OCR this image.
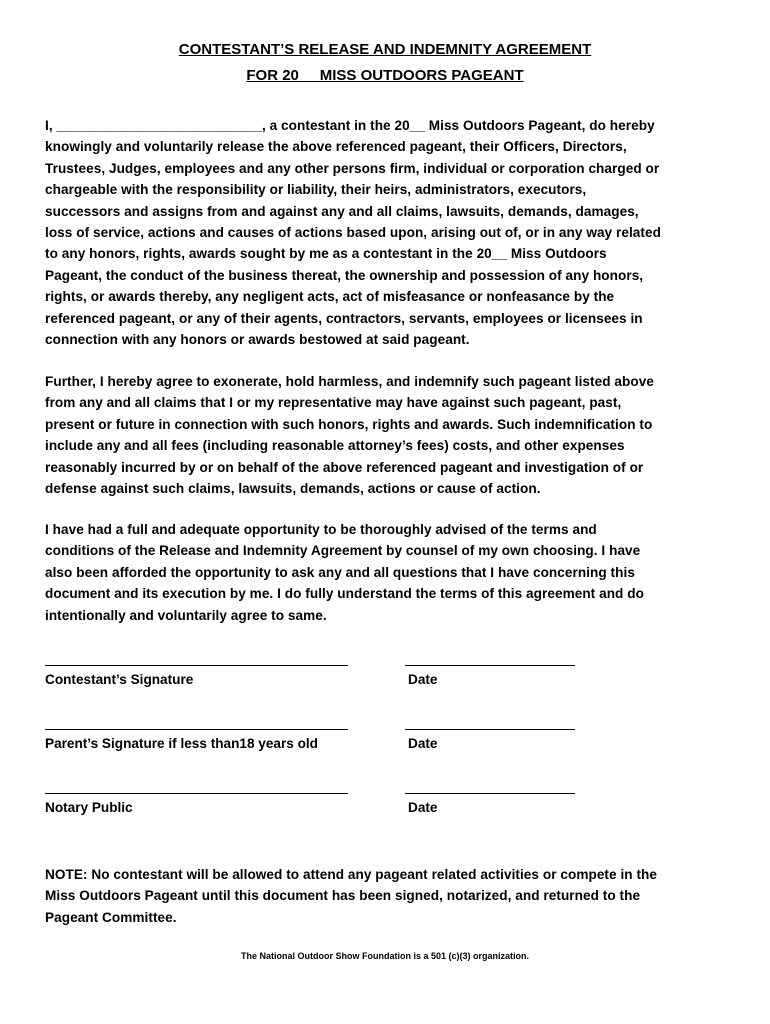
CONTESTANT’S RELEASE AND INDEMNITY AGREEMENT
FOR 20__ MISS OUTDOORS PAGEANT
I, ___________________________, a contestant in the 20__ Miss Outdoors Pageant, do hereby
knowingly and voluntarily release the above referenced pageant, their Officers, Directors,
Trustees, Judges, employees and any other persons firm, individual or corporation charged or
chargeable with the responsibility or liability, their heirs, administrators, executors,
successors and assigns from and against any and all claims, lawsuits, demands, damages,
loss of service, actions and causes of actions based upon, arising out of, or in any way related
to any honors, rights, awards sought by me as a contestant in the 20__ Miss Outdoors
Pageant, the conduct of the business thereat, the ownership and possession of any honors,
rights, or awards thereby, any negligent acts, act of misfeasance or nonfeasance by the
referenced pageant, or any of their agents, contractors, servants, employees or licensees in
connection with any honors or awards bestowed at said pageant.
Further, I hereby agree to exonerate, hold harmless, and indemnify such pageant listed above
from any and all claims that I or my representative may have against such pageant, past,
present or future in connection with such honors, rights and awards. Such indemnification to
include any and all fees (including reasonable attorney’s fees) costs, and other expenses
reasonably incurred by or on behalf of the above referenced pageant and investigation of or
defense against such claims, lawsuits, demands, actions or cause of action.
I have had a full and adequate opportunity to be thoroughly advised of the terms and
conditions of the Release and Indemnity Agreement by counsel of my own choosing. I have
also been afforded the opportunity to ask any and all questions that I have concerning this
document and its execution by me. I do fully understand the terms of this agreement and do
intentionally and voluntarily agree to same.
Contestant’s Signature	Date
Parent’s Signature if less than18 years old	Date
Notary Public	Date
NOTE: No contestant will be allowed to attend any pageant related activities or compete in the
Miss Outdoors Pageant until this document has been signed, notarized, and returned to the
Pageant Committee.
The National Outdoor Show Foundation is a 501 (c)(3) organization.
